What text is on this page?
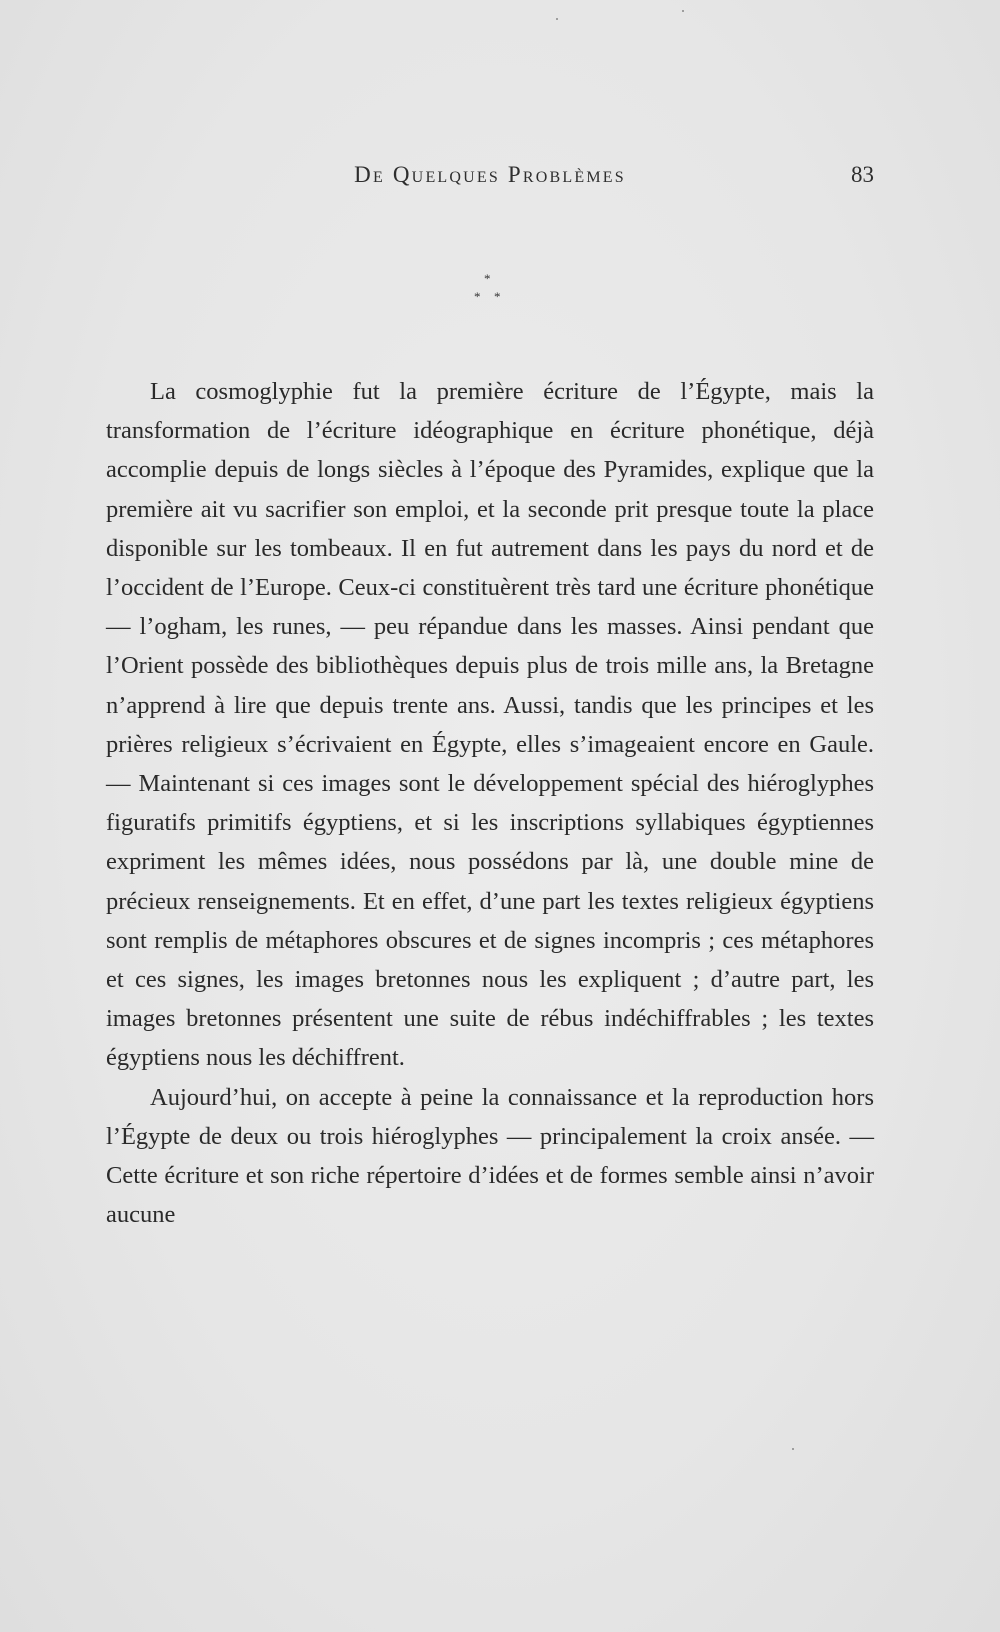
De Quelques Problèmes	83
*
* *

La cosmoglyphie fut la première écriture de l’Égypte, mais la transformation de l’écriture idéographique en écriture phonétique, déjà accomplie depuis de longs siècles à l’époque des Pyramides, explique que la première ait vu sacrifier son emploi, et la seconde prit presque toute la place disponible sur les tombeaux. Il en fut autrement dans les pays du nord et de l’occident de l’Europe. Ceux-ci constituèrent très tard une écriture phonétique — l’ogham, les runes, — peu répandue dans les masses. Ainsi pendant que l’Orient possède des bibliothèques depuis plus de trois mille ans, la Bretagne n’apprend à lire que depuis trente ans. Aussi, tandis que les principes et les prières religieux s’écrivaient en Égypte, elles s’imageaient encore en Gaule. — Maintenant si ces images sont le développement spécial des hiéroglyphes figuratifs primitifs égyptiens, et si les inscriptions syllabiques égyptiennes expriment les mêmes idées, nous possédons par là, une double mine de précieux renseignements. Et en effet, d’une part les textes religieux égyptiens sont remplis de métaphores obscures et de signes incompris ; ces métaphores et ces signes, les images bretonnes nous les expliquent ; d’autre part, les images bretonnes présentent une suite de rébus indéchiffrables ; les textes égyptiens nous les déchiffrent.

Aujourd’hui, on accepte à peine la connaissance et la reproduction hors l’Égypte de deux ou trois hiéroglyphes — principalement la croix ansée. — Cette écriture et son riche répertoire d’idées et de formes semble ainsi n’avoir aucune
